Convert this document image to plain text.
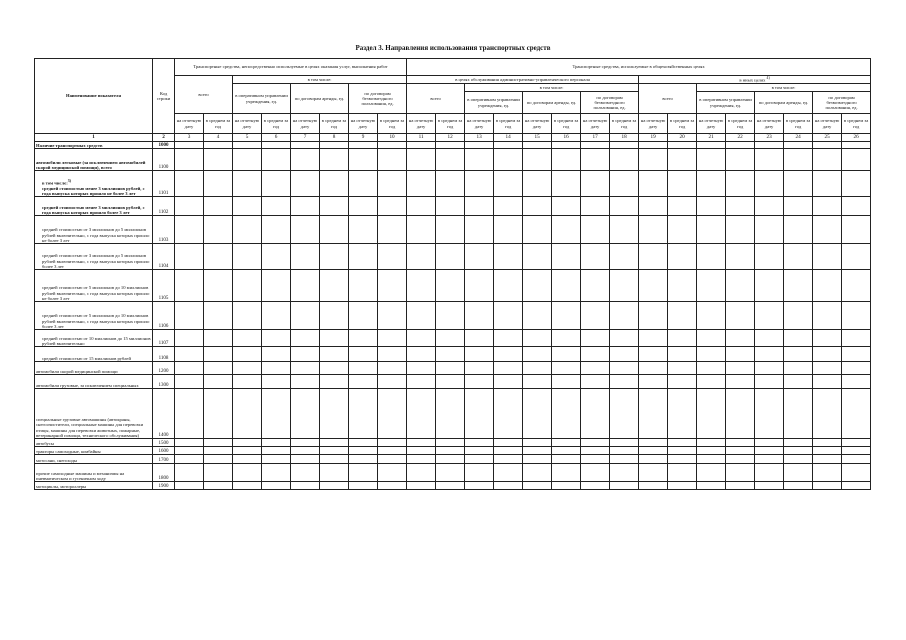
Раздел 3. Направления использования транспортных средств
Наименование показателя	Код строки	Транспортные средства, непосредственно используемые в целях оказания услуг, выполнения работ								Транспортные средства, используемые в общехозяйственных целях															
		всего		в том числе:						в целях обслуживания административно-управленческого персонала								в иных целях $^{4)}$
				в оперативном управлении учреждения, ед.		по договорам аренды, ед.		по договорам безвозмездного пользования, ед.		всего		в том числе:						всего		в том числе:					
												в оперативном управлении учреждения, ед.		по договорам аренды, ед.		по договорам безвозмездного пользования, ед.				в оперативном управлении учреждения, ед.		по договорам аренды, ед.		по договорам безвозмездного пользования, ед.	
		на отчетную дату	в среднем за год	на отчетную дату	в среднем за год	на отчетную дату	в среднем за год	на отчетную дату	в среднем за год	на отчетную дату	в среднем за год	на отчетную дату	в среднем за год	на отчетную дату	в среднем за год	на отчетную дату	в среднем за год	на отчетную дату	в среднем за год	на отчетную дату	в среднем за год	на отчетную дату	в среднем за год	на отчетную дату	в среднем за год
1	2	3	4	5	6	7	8	9	10	11	12	13	14	15	16	17	18	19	20	21	22	23	24	25	26
Наличие транспортных средств	1000																								
автомобили легковые (за исключением автомобилей скорой медицинской помощи), всего	1100																								

в том числе:$^{3)}$
средней стоимостью менее 3 миллионов рублей, с года выпуска которых прошло не более 3 лет	1101																								
средней стоимостью менее 3 миллионов рублей, с года выпуска которых прошло более 3 лет	1102																								
средней стоимостью от 3 миллионов до 5 миллионов рублей включительно, с года выпуска которых прошло не более 3 лет	1103																								
средней стоимостью от 3 миллионов до 5 миллионов рублей включительно, с года выпуска которых прошло более 3 лет	1104																								
средней стоимостью от 5 миллионов до 10 миллионов рублей включительно, с года выпуска которых прошло не более 3 лет	1105																								
средней стоимостью от 5 миллионов до 10 миллионов рублей включительно, с года выпуска которых прошло более 3 лет	1106																								
средней стоимостью от 10 миллионов до 15 миллионов рублей включительно	1107																								
средней стоимостью от 15 миллионов рублей	1108																								
автомобили скорой медицинской помощи	1200																								
автомобили грузовые, за исключением специальных	1300																								
специальные грузовые автомашины (автокраны, снегоочистители, специальные машины для перевозки птицы, машины для перевозки животных, пожарные, ветеринарной помощи, технического обслуживания)	1400																								
автобусы	1500																								
тракторы самоходные, комбайны	1600																								
мотосани, снегоходы	1700																								
прочие самоходные машины и механизмы на пневматическом и гусеничном ходу	1800																								
мотоциклы, мотороллеры	1900																								
